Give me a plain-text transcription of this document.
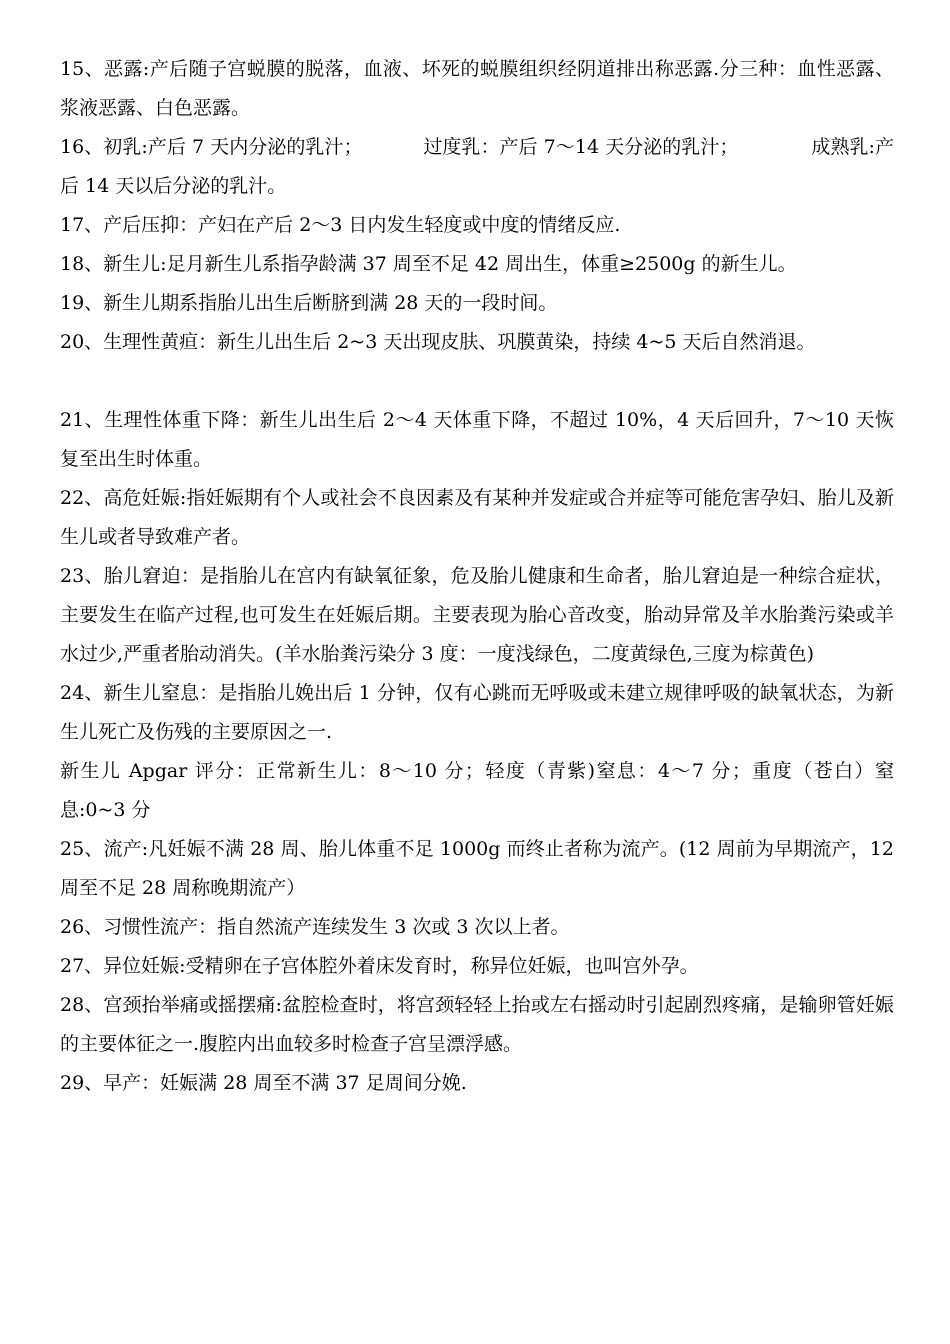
15、恶露:产后随子宫蜕膜的脱落，血液、坏死的蜕膜组织经阴道排出称恶露.分三种：血性恶露、浆液恶露、白色恶露。

16、初乳:产后 7 天内分泌的乳汁；          过度乳：产后 7～14 天分泌的乳汁；            成熟乳:产后 14 天以后分泌的乳汁。

17、产后压抑：产妇在产后 2～3 日内发生轻度或中度的情绪反应.

18、新生儿:足月新生儿系指孕龄满 37 周至不足 42 周出生，体重≥2500g 的新生儿。

19、新生儿期系指胎儿出生后断脐到满 28 天的一段时间。

20、生理性黄疸：新生儿出生后 2~3 天出现皮肤、巩膜黄染，持续 4~5 天后自然消退。

21、生理性体重下降：新生儿出生后 2～4 天体重下降，不超过 10%，4 天后回升，7～10 天恢复至出生时体重。

22、高危妊娠:指妊娠期有个人或社会不良因素及有某种并发症或合并症等可能危害孕妇、胎儿及新生儿或者导致难产者。

23、胎儿窘迫：是指胎儿在宫内有缺氧征象，危及胎儿健康和生命者，胎儿窘迫是一种综合症状，主要发生在临产过程,也可发生在妊娠后期。主要表现为胎心音改变，胎动异常及羊水胎粪污染或羊水过少,严重者胎动消失。(羊水胎粪污染分 3 度：一度浅绿色，二度黄绿色,三度为棕黄色)

24、新生儿窒息：是指胎儿娩出后 1 分钟，仅有心跳而无呼吸或未建立规律呼吸的缺氧状态，为新生儿死亡及伤残的主要原因之一.

新生儿 Apgar 评分：正常新生儿：8～10 分；轻度（青紫)窒息：4～7 分；重度（苍白）窒息:0~3 分

25、流产:凡妊娠不满 28 周、胎儿体重不足 1000g 而终止者称为流产。(12 周前为早期流产，12 周至不足 28 周称晚期流产）

26、习惯性流产：指自然流产连续发生 3 次或 3 次以上者。

27、异位妊娠:受精卵在子宫体腔外着床发育时，称异位妊娠，也叫宫外孕。

28、宫颈抬举痛或摇摆痛:盆腔检查时，将宫颈轻轻上抬或左右摇动时引起剧烈疼痛，是输卵管妊娠的主要体征之一.腹腔内出血较多时检查子宫呈漂浮感。

29、早产：妊娠满 28 周至不满 37 足周间分娩.
